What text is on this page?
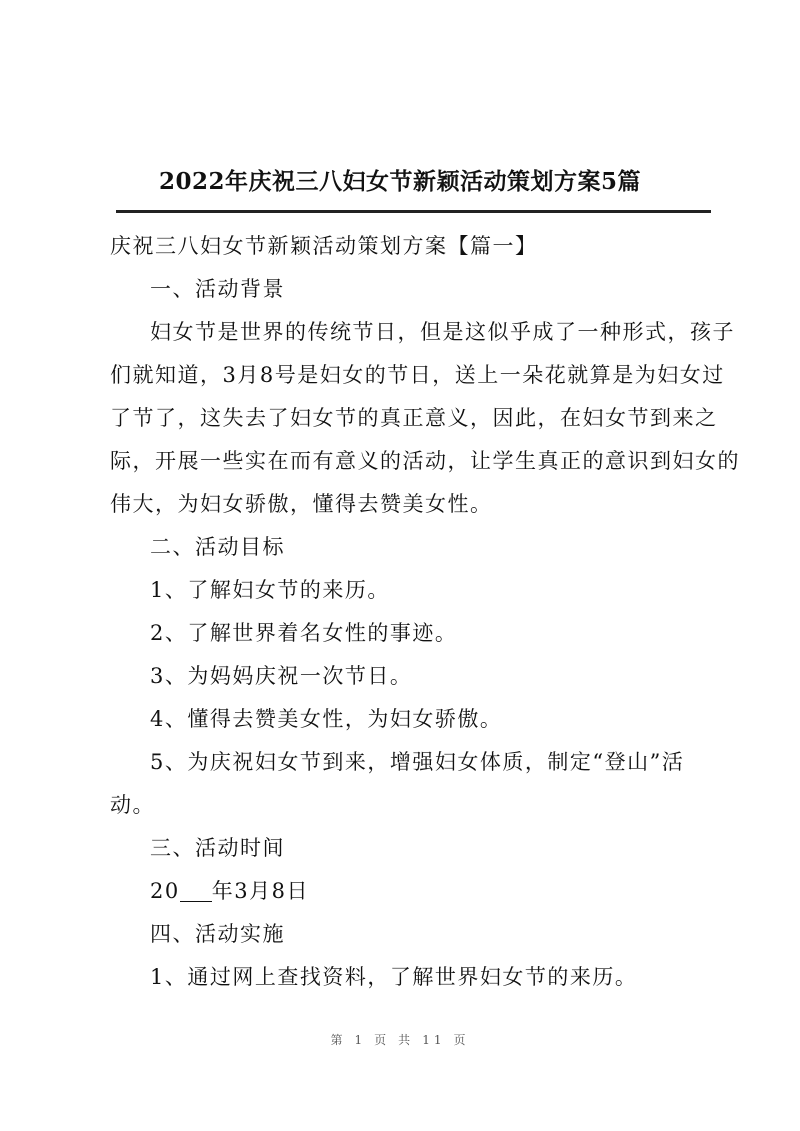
2022年庆祝三八妇女节新颖活动策划方案5篇
庆祝三八妇女节新颖活动策划方案【篇一】
一、活动背景
妇女节是世界的传统节日，但是这似乎成了一种形式，孩子
们就知道，3月8号是妇女的节日，送上一朵花就算是为妇女过
了节了，这失去了妇女节的真正意义，因此，在妇女节到来之
际，开展一些实在而有意义的活动，让学生真正的意识到妇女的
伟大，为妇女骄傲，懂得去赞美女性。
二、活动目标
1、了解妇女节的来历。
2、了解世界着名女性的事迹。
3、为妈妈庆祝一次节日。
4、懂得去赞美女性，为妇女骄傲。
5、为庆祝妇女节到来，增强妇女体质，制定“登山”活
动。
三、活动时间
20 年3月8日
四、活动实施
1、通过网上查找资料，了解世界妇女节的来历。
第 1 页 共 11 页
